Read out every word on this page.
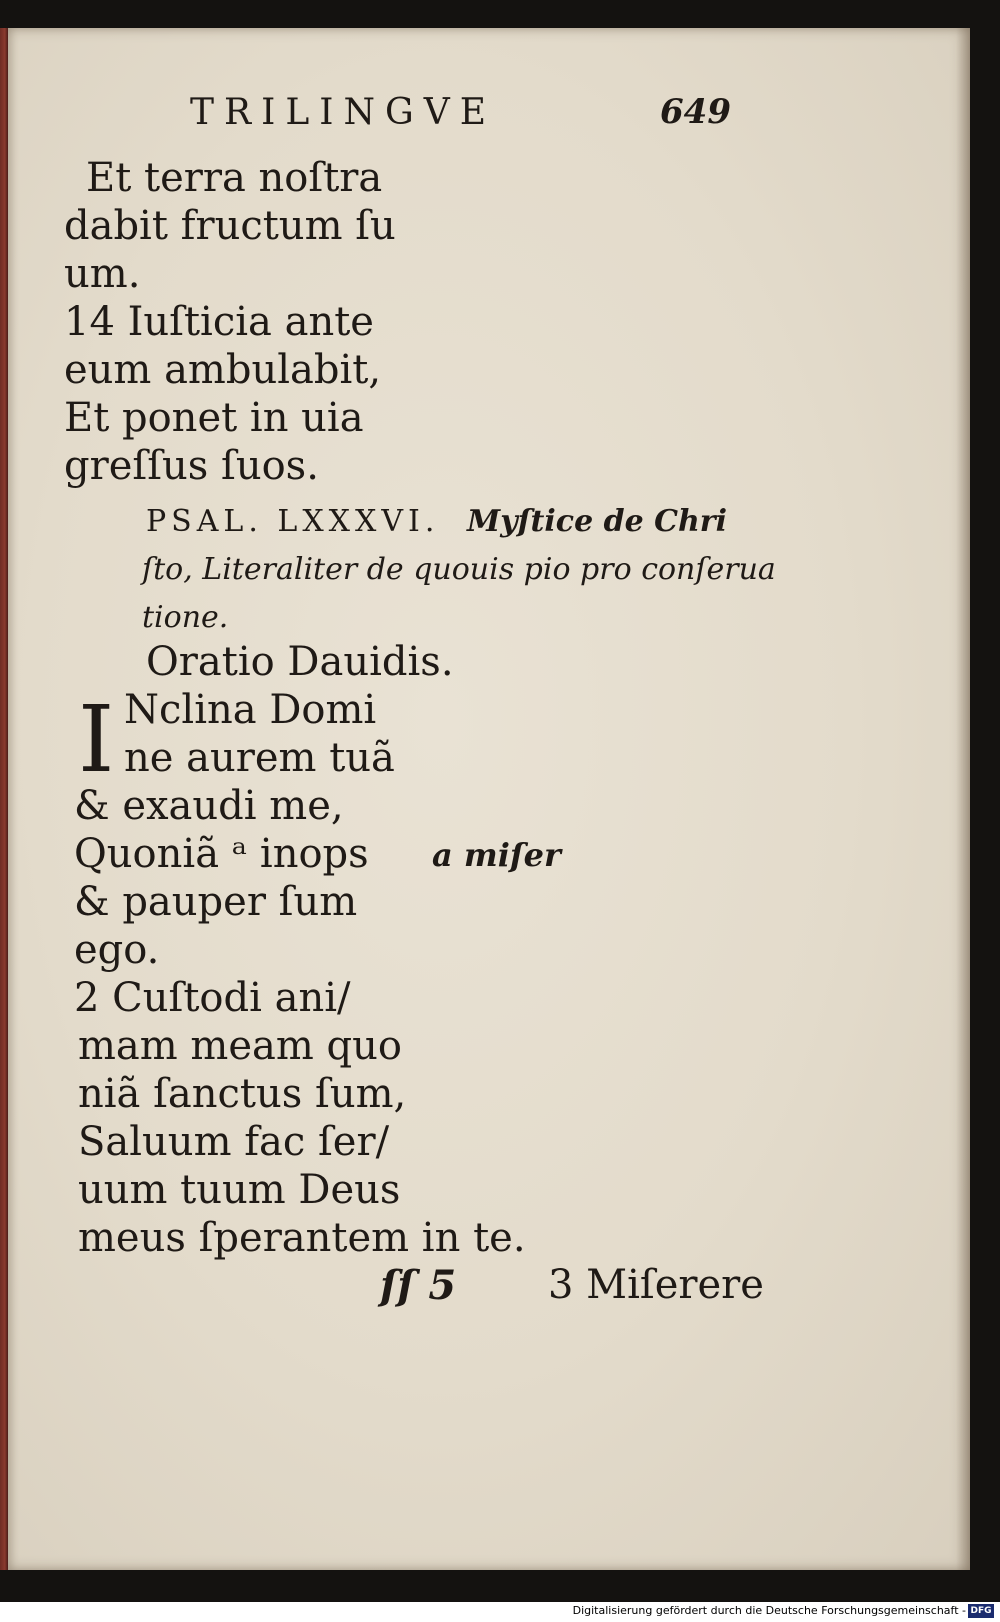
TRILINGVE	649
Et terra noſtra
dabit fructum ſu
um.
14 Iuſticia ante
eum ambulabit,
Et ponet in uia
greſſus ſuos.
PSAL. LXXXVI. Myſtice de Chri
ſto, Literaliter de quouis pio pro conſerua
tione.
Oratio Dauidis.
I Nclina Domi
ne aurem tuã
& exaudi me,
Quoniã ᵃ inops
& pauper ſum
ego.
2 Cuſtodi ani/
mam meam quo
niã ſanctus ſum,
Saluum fac ſer/
uum tuum Deus
meus ſperantem in te.
a miſer
ſſ 5 3 Miſerere
Digitalisierung gefördert durch die Deutsche Forschungsgemeinschaft - DFG
